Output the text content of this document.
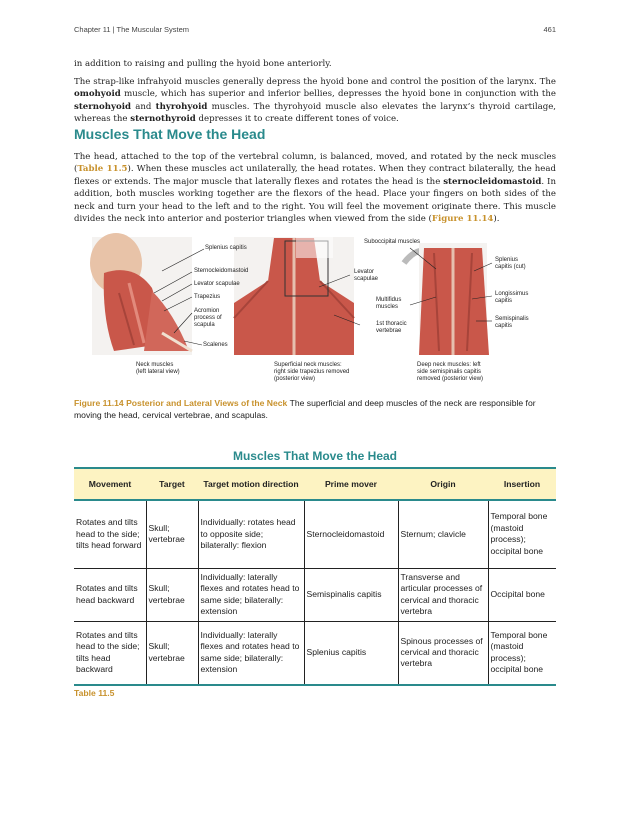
Chapter 11 | The Muscular System	461
in addition to raising and pulling the hyoid bone anteriorly.
The strap-like infrahyoid muscles generally depress the hyoid bone and control the position of the larynx. The omohyoid muscle, which has superior and inferior bellies, depresses the hyoid bone in conjunction with the sternohyoid and thyrohyoid muscles. The thyrohyoid muscle also elevates the larynx’s thyroid cartilage, whereas the sternothyroid depresses it to create different tones of voice.
Muscles That Move the Head
The head, attached to the top of the vertebral column, is balanced, moved, and rotated by the neck muscles (Table 11.5). When these muscles act unilaterally, the head rotates. When they contract bilaterally, the head flexes or extends. The major muscle that laterally flexes and rotates the head is the sternocleidomastoid. In addition, both muscles working together are the flexors of the head. Place your fingers on both sides of the neck and turn your head to the left and to the right. You will feel the movement originate there. This muscle divides the neck into anterior and posterior triangles when viewed from the side (Figure 11.14).
Splenius capitis
Sternocleidomastoid
Levator scapulae
Trapezius
Acromion
process of
scapula
Scalenes
Levator
scapulae
Suboccipital muscles
Multifidus
muscles
1st thoracic
vertebrae
Splenius
capitis (cut)
Longissimus
capitis
Semispinalis
capitis
Neck muscles
(left lateral view)
Superficial neck muscles:
right side trapezius removed
(posterior view)
Deep neck muscles: left
side semispinalis capitis
removed (posterior view)
Figure 11.14 Posterior and Lateral Views of the Neck The superficial and deep muscles of the neck are responsible for moving the head, cervical vertebrae, and scapulas.
Muscles That Move the Head
Movement	Target	Target motion direction	Prime mover	Origin	Insertion
Rotates and tilts head to the side; tilts head forward	Skull; vertebrae	Individually: rotates head to opposite side; bilaterally: flexion	Sternocleidomastoid	Sternum; clavicle	Temporal bone (mastoid process); occipital bone
Rotates and tilts head backward	Skull; vertebrae	Individually: laterally flexes and rotates head to same side; bilaterally: extension	Semispinalis capitis	Transverse and articular processes of cervical and thoracic vertebra	Occipital bone
Rotates and tilts head to the side; tilts head backward	Skull; vertebrae	Individually: laterally flexes and rotates head to same side; bilaterally: extension	Splenius capitis	Spinous processes of cervical and thoracic vertebra	Temporal bone (mastoid process); occipital bone
Table 11.5
